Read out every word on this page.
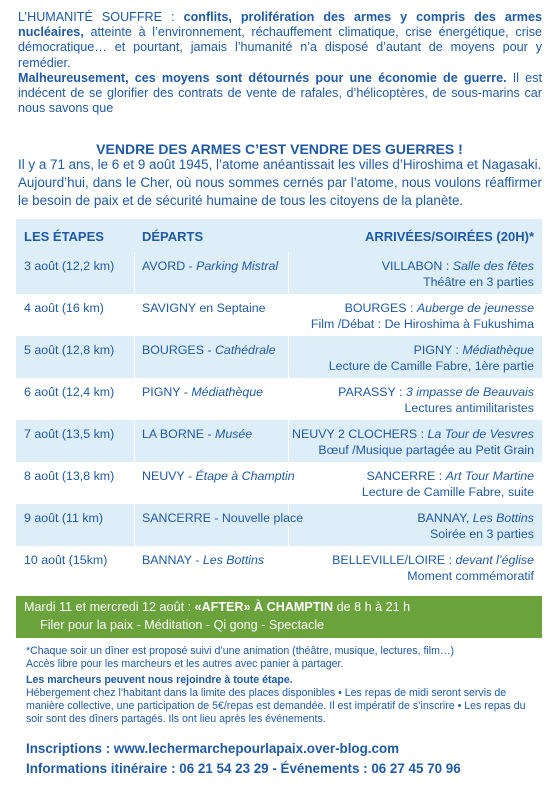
L’HUMANITÉ SOUFFRE : conflits, prolifération des armes y compris des armes nucléaires, atteinte à l’environnement, réchauffement climatique, crise énergétique, crise démocratique… et pourtant, jamais l’humanité n’a disposé d’autant de moyens pour y remédier.

Malheureusement, ces moyens sont détournés pour une économie de guerre. Il est indécent de se glorifier des contrats de vente de rafales, d’hélicoptères, de sous-marins car nous savons que

VENDRE DES ARMES C’EST VENDRE DES GUERRES !

Il y a 71 ans, le 6 et 9 août 1945, l’atome anéantissait les villes d’Hiroshima et Nagasaki.

Aujourd’hui, dans le Cher, où nous sommes cernés par l’atome, nous voulons réaffirmer le besoin de paix et de sécurité humaine de tous les citoyens de la planète.

LES ÉTAPES	DÉPARTS	ARRIVÉES/SOIRÉES (20H)*
3 août (12,2 km) AVORD - Parking Mistral	VILLABON : Salle des fêtes
Théâtre en 3 parties
4 août (16 km)	SAVIGNY en Septaine	BOURGES : Auberge de jeunesse
Film /Débat : De Hiroshima à Fukushima
5 août (12,8 km) BOURGES - Cathédrale	PIGNY : Médiathèque
Lecture de Camille Fabre, 1ère partie
6 août (12,4 km) PIGNY - Médiathèque	PARASSY : 3 impasse de Beauvais
Lectures antimilitaristes
7 août (13,5 km) LA BORNE - Musée	NEUVY 2 CLOCHERS : La Tour de Vesvres
Bœuf /Musique partagée au Petit Grain
8 août (13,8 km) NEUVY - Étape à Champtin	SANCERRE : Art Tour Martine
Lecture de Camille Fabre, suite
9 août (11 km)	SANCERRE - Nouvelle place	BANNAY, Les Bottins
Soirée en 3 parties
10 août (15km)	BANNAY - Les Bottins	BELLEVILLE/LOIRE : devant l’église
Moment commémoratif
Mardi 11 et mercredi 12 août : «AFTER» À CHAMPTIN de 8 h à 21 h
Filer pour la paix - Méditation - Qi gong - Spectacle

*Chaque soir un dîner est proposé suivi d’une animation (théâtre, musique, lectures, film…)

Accès libre pour les marcheurs et les autres avec panier à partager.

Les marcheurs peuvent nous rejoindre à toute étape.

Hébergement chez l’habitant dans la limite des places disponibles • Les repas de midi seront servis de manière collective, une participation de 5€/repas est demandée. Il est impératif de s’inscrire • Les repas du soir sont des dîners partagés. Ils ont lieu après les événements.

Inscriptions : www.lechermarchepourlapaix.over-blog.com
Informations itinéraire : 06 21 54 23 29 - Événements : 06 27 45 70 96
